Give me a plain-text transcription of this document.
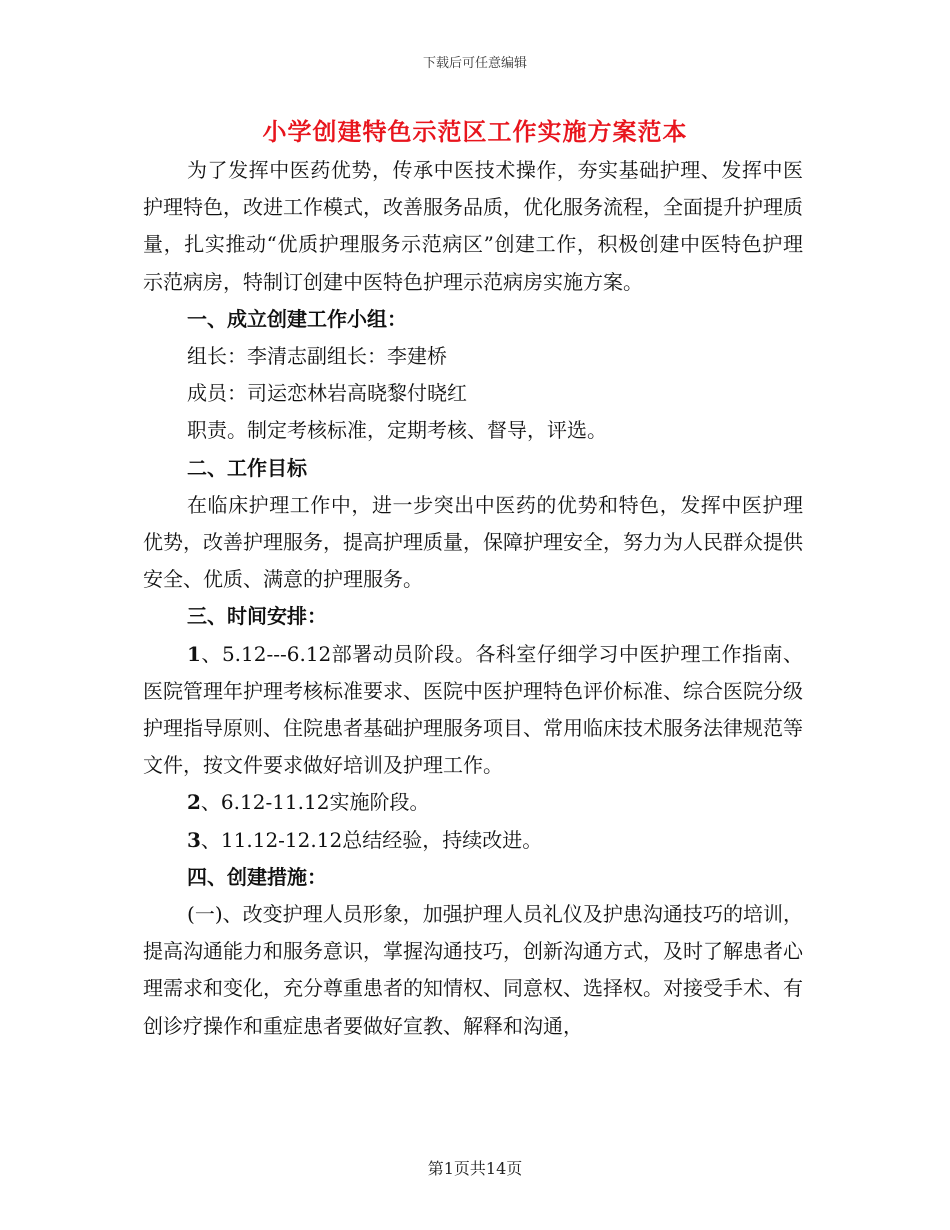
下载后可任意编辑
小学创建特色示范区工作实施方案范本

为了发挥中医药优势，传承中医技术操作，夯实基础护理、发挥中医护理特色，改进工作模式，改善服务品质，优化服务流程，全面提升护理质量，扎实推动“优质护理服务示范病区”创建工作，积极创建中医特色护理示范病房，特制订创建中医特色护理示范病房实施方案。

一、成立创建工作小组：

组长：李清志副组长：李建桥

成员：司运恋林岩高晓黎付晓红

职责。制定考核标准，定期考核、督导，评选。

二、工作目标

在临床护理工作中，进一步突出中医药的优势和特色，发挥中医护理优势，改善护理服务，提高护理质量，保障护理安全，努力为人民群众提供安全、优质、满意的护理服务。

三、时间安排：

1、5.12---6.12部署动员阶段。各科室仔细学习中医护理工作指南、医院管理年护理考核标准要求、医院中医护理特色评价标准、综合医院分级护理指导原则、住院患者基础护理服务项目、常用临床技术服务法律规范等文件，按文件要求做好培训及护理工作。

2、6.12-11.12实施阶段。

3、11.12-12.12总结经验，持续改进。

四、创建措施：

(一)、改变护理人员形象，加强护理人员礼仪及护患沟通技巧的培训，提高沟通能力和服务意识，掌握沟通技巧，创新沟通方式，及时了解患者心理需求和变化，充分尊重患者的知情权、同意权、选择权。对接受手术、有创诊疗操作和重症患者要做好宣教、解释和沟通，

第1页共14页
